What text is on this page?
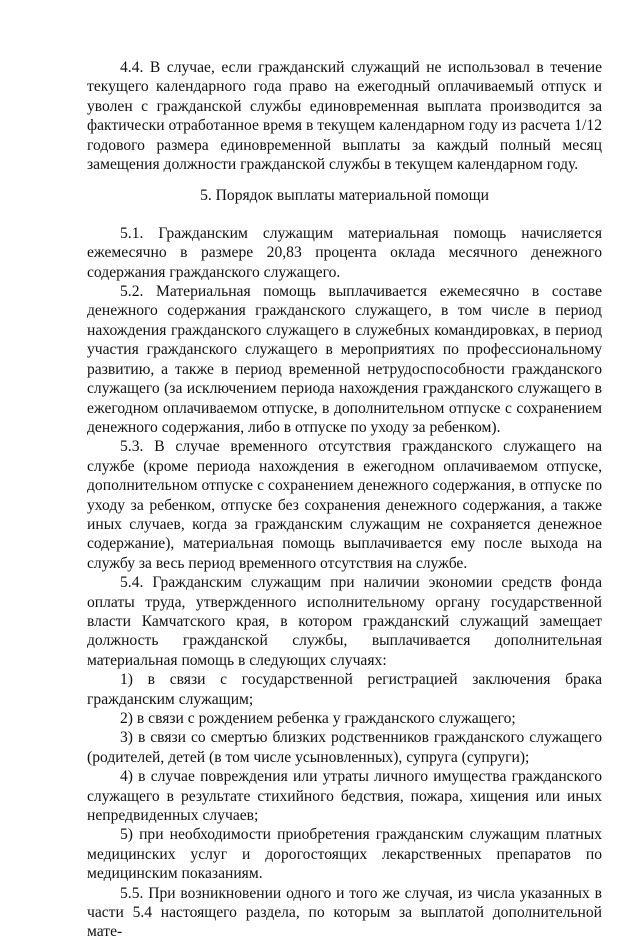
4.4. В случае, если гражданский служащий не использовал в течение текущего календарного года право на ежегодный оплачиваемый отпуск и уволен с гражданской службы единовременная выплата производится за фактически отработанное время в текущем календарном году из расчета 1/12 годового размера единовременной выплаты за каждый полный месяц замещения должности гражданской службы в текущем календарном году.

5. Порядок выплаты материальной помощи

5.1. Гражданским служащим материальная помощь начисляется ежемесячно в размере 20,83 процента оклада месячного денежного содержания гражданского служащего.

5.2. Материальная помощь выплачивается ежемесячно в составе денежного содержания гражданского служащего, в том числе в период нахождения гражданского служащего в служебных командировках, в период участия гражданского служащего в мероприятиях по профессиональному развитию, а также в период временной нетрудоспособности гражданского служащего (за исключением периода нахождения гражданского служащего в ежегодном оплачиваемом отпуске, в дополнительном отпуске с сохранением денежного содержания, либо в отпуске по уходу за ребенком).

5.3. В случае временного отсутствия гражданского служащего на службе (кроме периода нахождения в ежегодном оплачиваемом отпуске, дополнительном отпуске с сохранением денежного содержания, в отпуске по уходу за ребенком, отпуске без сохранения денежного содержания, а также иных случаев, когда за гражданским служащим не сохраняется денежное содержание), материальная помощь выплачивается ему после выхода на службу за весь период временного отсутствия на службе.

5.4. Гражданским служащим при наличии экономии средств фонда оплаты труда, утвержденного исполнительному органу государственной власти Камчатского края, в котором гражданский служащий замещает должность гражданской службы, выплачивается дополнительная материальная помощь в следующих случаях:

1) в связи с государственной регистрацией заключения брака гражданским служащим;

2) в связи с рождением ребенка у гражданского служащего;

3) в связи со смертью близких родственников гражданского служащего (родителей, детей (в том числе усыновленных), супруга (супруги);

4) в случае повреждения или утраты личного имущества гражданского служащего в результате стихийного бедствия, пожара, хищения или иных непредвиденных случаев;

5) при необходимости приобретения гражданским служащим платных медицинских услуг и дорогостоящих лекарственных препаратов по медицинским показаниям.

5.5. При возникновении одного и того же случая, из числа указанных в части 5.4 настоящего раздела, по которым за выплатой дополнительной мате-
